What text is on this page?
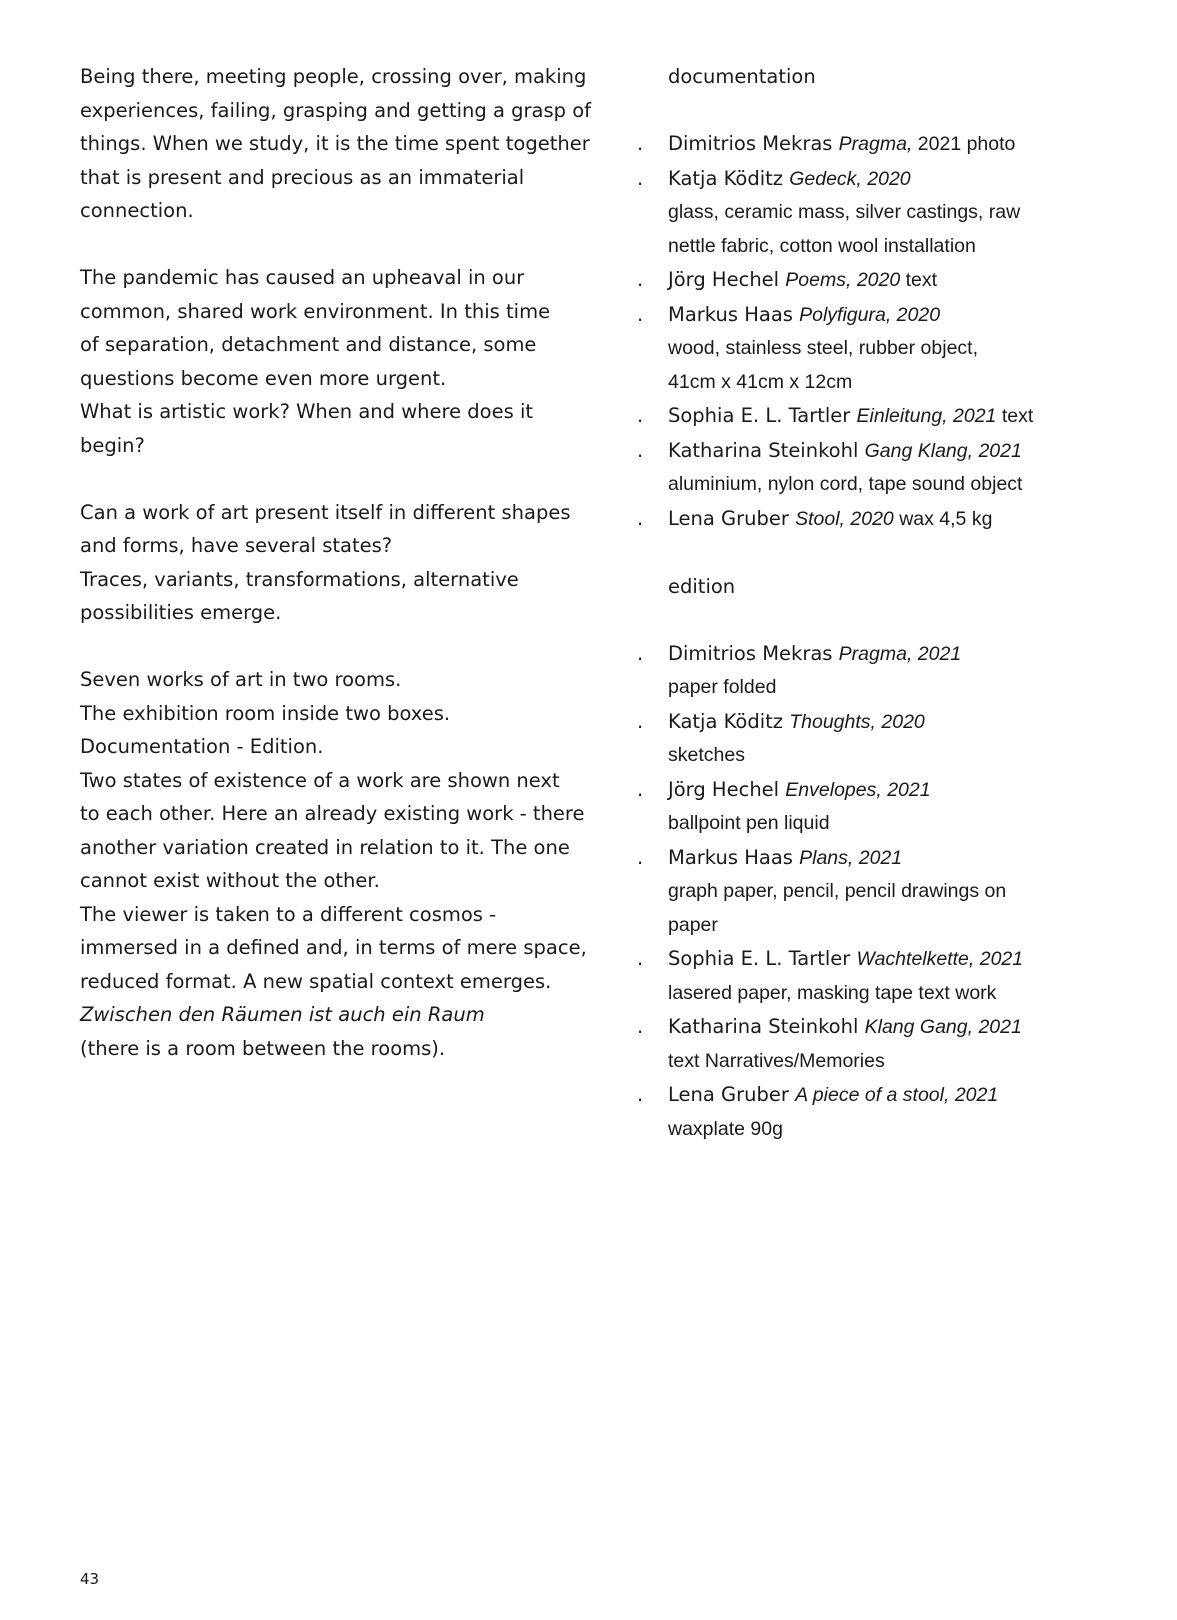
Being there, meeting people, crossing over, making
experiences, failing, grasping and getting a grasp of
things. When we study, it is the time spent together
that is present and precious as an immaterial
connection.

The pandemic has caused an upheaval in our
common, shared work environment. In this time
of separation, detachment and distance, some
questions become even more urgent.
What is artistic work? When and where does it
begin?

Can a work of art present itself in different shapes
and forms, have several states?
Traces, variants, transformations, alternative
possibilities emerge.

Seven works of art in two rooms.
The exhibition room inside two boxes.
Documentation - Edition.
Two states of existence of a work are shown next
to each other. Here an already existing work - there
another variation created in relation to it. The one
cannot exist without the other.
The viewer is taken to a different cosmos -
immersed in a defined and, in terms of mere space,
reduced format. A new spatial context emerges.
Zwischen den Räumen ist auch ein Raum
(there is a room between the rooms).

documentation
. Dimitrios Mekras Pragma, 2021 photo
. Katja Köditz Gedeck, 2020
glass, ceramic mass, silver castings, raw
nettle fabric, cotton wool installation
. Jörg Hechel Poems, 2020 text
. Markus Haas Polyfigura, 2020
wood, stainless steel, rubber object,
41cm x 41cm x 12cm
. Sophia E. L. Tartler Einleitung, 2021 text
. Katharina Steinkohl Gang Klang, 2021
aluminium, nylon cord, tape sound object
. Lena Gruber Stool, 2020 wax 4,5 kg
edition
. Dimitrios Mekras Pragma, 2021
paper folded
. Katja Köditz Thoughts, 2020
sketches
. Jörg Hechel Envelopes, 2021
ballpoint pen liquid
. Markus Haas Plans, 2021
graph paper, pencil, pencil drawings on
paper
. Sophia E. L. Tartler Wachtelkette, 2021
lasered paper, masking tape text work
. Katharina Steinkohl Klang Gang, 2021
text Narratives/Memories
. Lena Gruber A piece of a stool, 2021
waxplate 90g
43
